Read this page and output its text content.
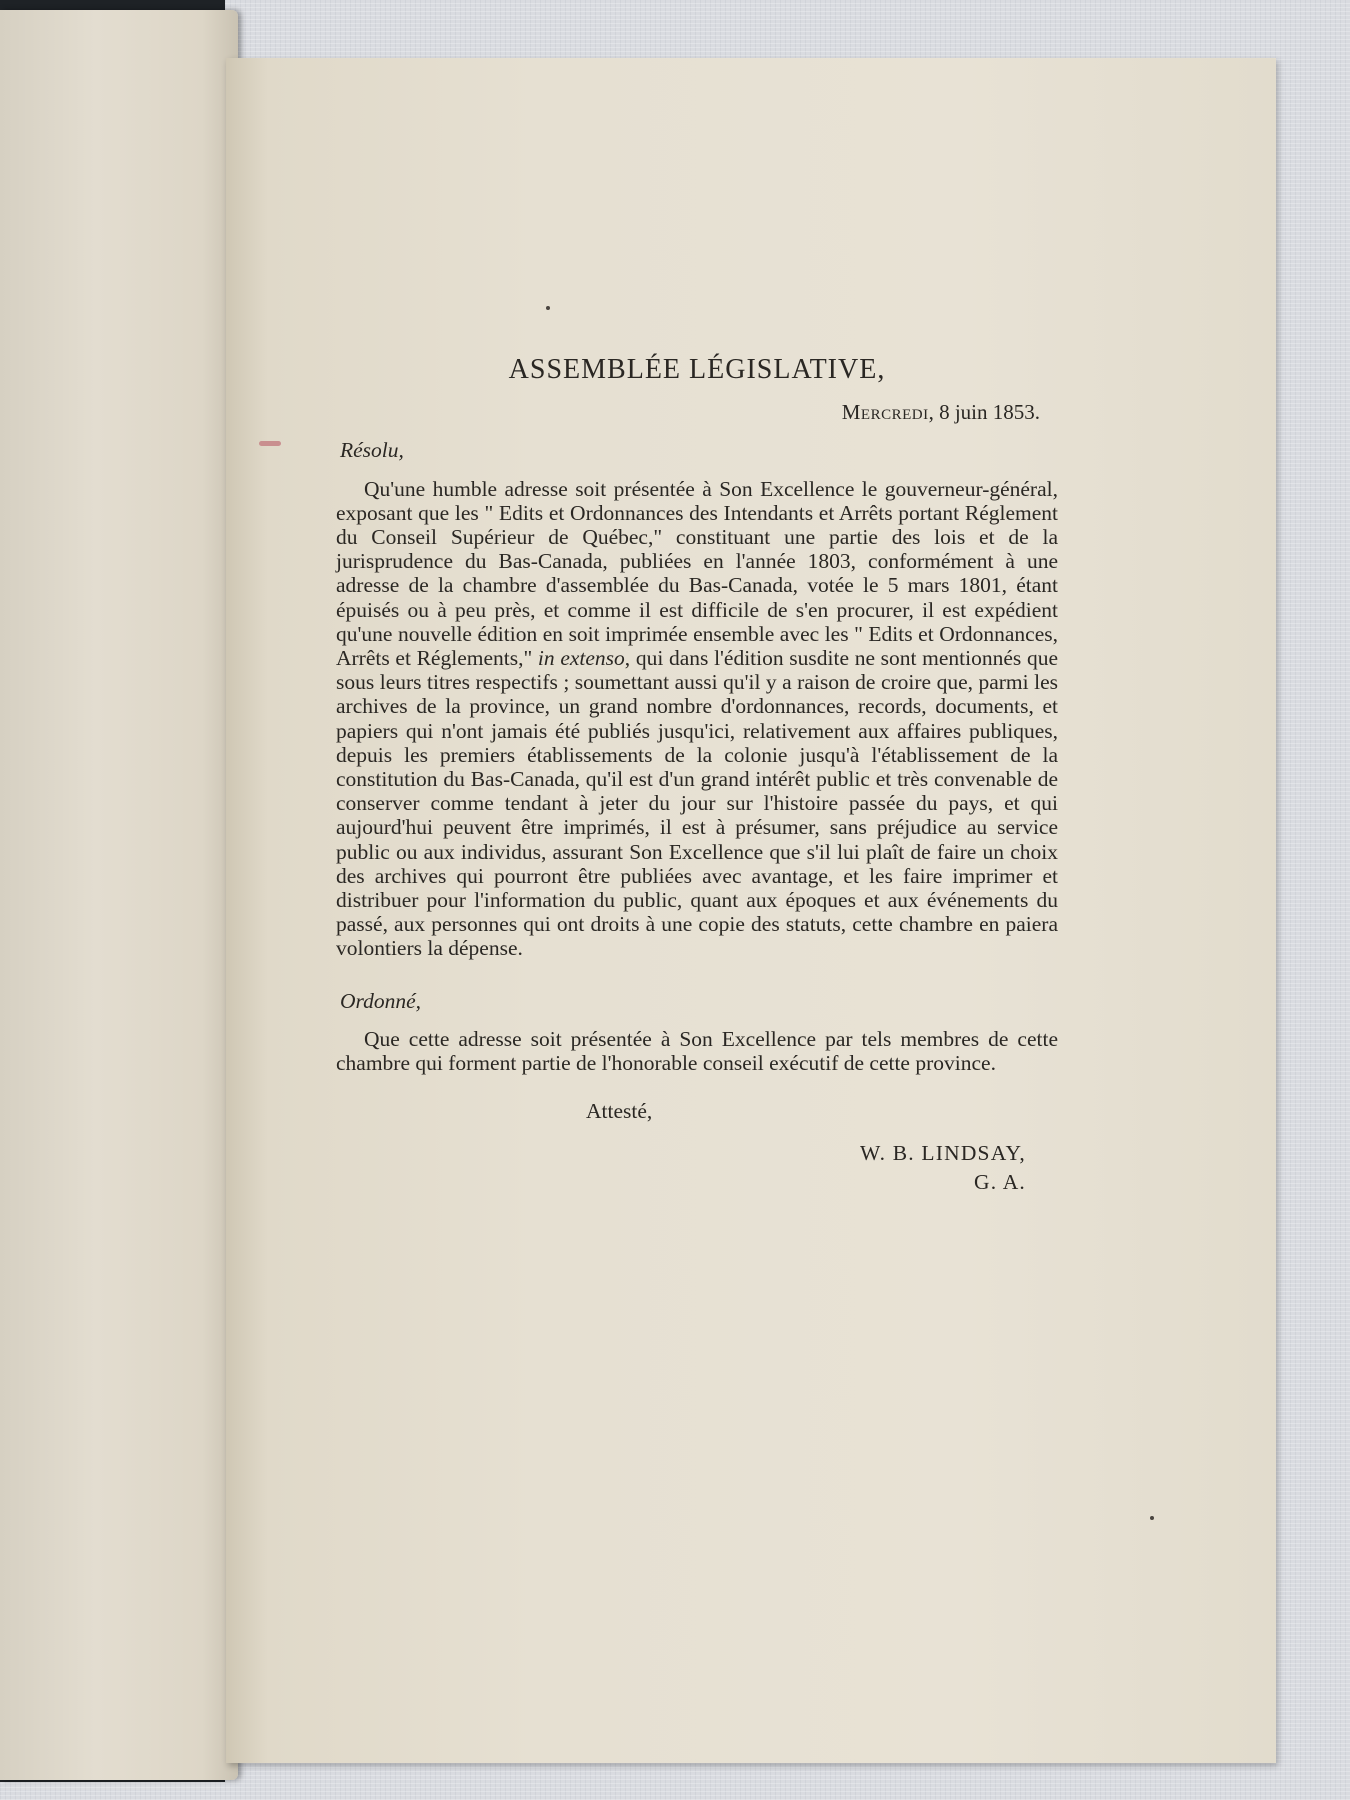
ASSEMBLÉE LÉGISLATIVE,
Mercredi, 8 juin 1853.
Résolu,

Qu'une humble adresse soit présentée à Son Excellence le gouverneur-général, exposant que les " Edits et Ordonnances des Intendants et Arrêts portant Réglement du Conseil Supérieur de Québec," constituant une partie des lois et de la jurisprudence du Bas-Canada, publiées en l'année 1803, conformément à une adresse de la chambre d'assemblée du Bas-Canada, votée le 5 mars 1801, étant épuisés ou à peu près, et comme il est difficile de s'en procurer, il est expédient qu'une nouvelle édition en soit imprimée ensemble avec les " Edits et Ordonnances, Arrêts et Réglements," in extenso, qui dans l'édition susdite ne sont mentionnés que sous leurs titres respectifs ; soumettant aussi qu'il y a raison de croire que, parmi les archives de la province, un grand nombre d'ordonnances, records, documents, et papiers qui n'ont jamais été publiés jusqu'ici, relativement aux affaires publiques, depuis les premiers établissements de la colonie jusqu'à l'établissement de la constitution du Bas-Canada, qu'il est d'un grand intérêt public et très convenable de conserver comme tendant à jeter du jour sur l'histoire passée du pays, et qui aujourd'hui peuvent être imprimés, il est à présumer, sans préjudice au service public ou aux individus, assurant Son Excellence que s'il lui plaît de faire un choix des archives qui pourront être publiées avec avantage, et les faire imprimer et distribuer pour l'information du public, quant aux époques et aux événements du passé, aux personnes qui ont droits à une copie des statuts, cette chambre en paiera volontiers la dépense.

Ordonné,

Que cette adresse soit présentée à Son Excellence par tels membres de cette chambre qui forment partie de l'honorable conseil exécutif de cette province.

Attesté,
W. B. LINDSAY,
G. A.
